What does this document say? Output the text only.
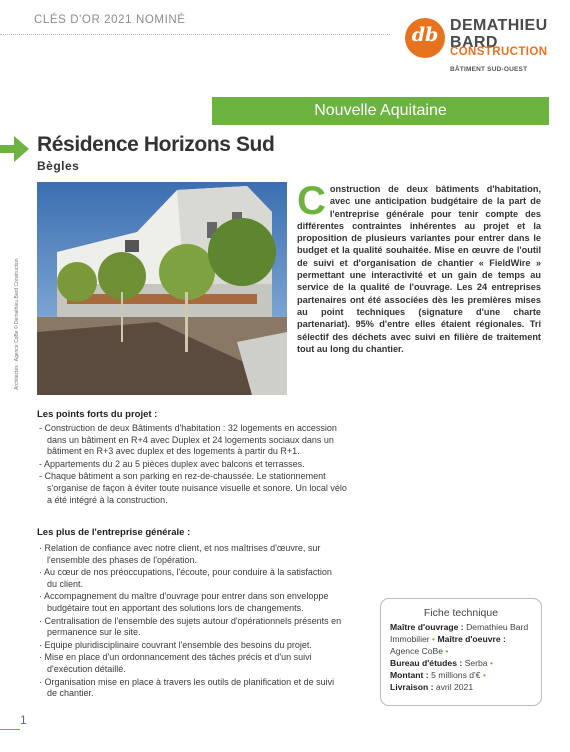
CLÉS D'OR 2021 NOMINÉ
db DEMATHIEU
BARD
CONSTRUCTION
BÂTIMENT SUD-OUEST
Nouvelle Aquitaine
Résidence Horizons Sud
Bègles
Architectes : Agence CoBe © Demathieu Bard Construction
Construction de deux bâtiments d'habitation, avec une anticipation budgétaire de la part de l'entreprise générale pour tenir compte des différentes contraintes inhérentes au projet et la proposition de plusieurs variantes pour entrer dans le budget et la qualité souhaitée. Mise en œuvre de l'outil de suivi et d'organisation de chantier « FieldWire » permettant une interactivité et un gain de temps au service de la qualité de l'ouvrage. Les 24 entreprises partenaires ont été associées dès les premières mises au point techniques (signature d'une charte partenariat). 95% d'entre elles étaient régionales. Tri sélectif des déchets avec suivi en filière de traitement tout au long du chantier.
Les points forts du projet :
- Construction de deux Bâtiments d'habitation : 32 logements en accession dans un bâtiment en R+4 avec Duplex et 24 logements sociaux dans un bâtiment en R+3 avec duplex et des logements à partir du R+1.
- Appartements du 2 au 5 pièces duplex avec balcons et terrasses.
- Chaque bâtiment a son parking en rez-de-chaussée. Le stationnement s'organise de façon à éviter toute nuisance visuelle et sonore. Un local vélo a été intégré à la construction.
Les plus de l'entreprise générale :
· Relation de confiance avec notre client, et nos maîtrises d'œuvre, sur l'ensemble des phases de l'opération.
· Au cœur de nos préoccupations, l'écoute, pour conduire à la satisfaction du client.
· Accompagnement du maître d'ouvrage pour entrer dans son enveloppe budgétaire tout en apportant des solutions lors de changements.
· Centralisation de l'ensemble des sujets autour d'opérationnels présents en permanence sur le site.
· Equipe pluridisciplinaire couvrant l'ensemble des besoins du projet.
· Mise en place d'un ordonnancement des tâches précis et d'un suivi d'exécution détaillé.
· Organisation mise en place à travers les outils de planification et de suivi de chantier.
Fiche technique
Maître d'ouvrage : Demathieu Bard Immobilier • Maître d'oeuvre : Agence CoBe •
Bureau d'études : Serba •
Montant : 5 millions d'€ •
Livraison : avril 2021
1
